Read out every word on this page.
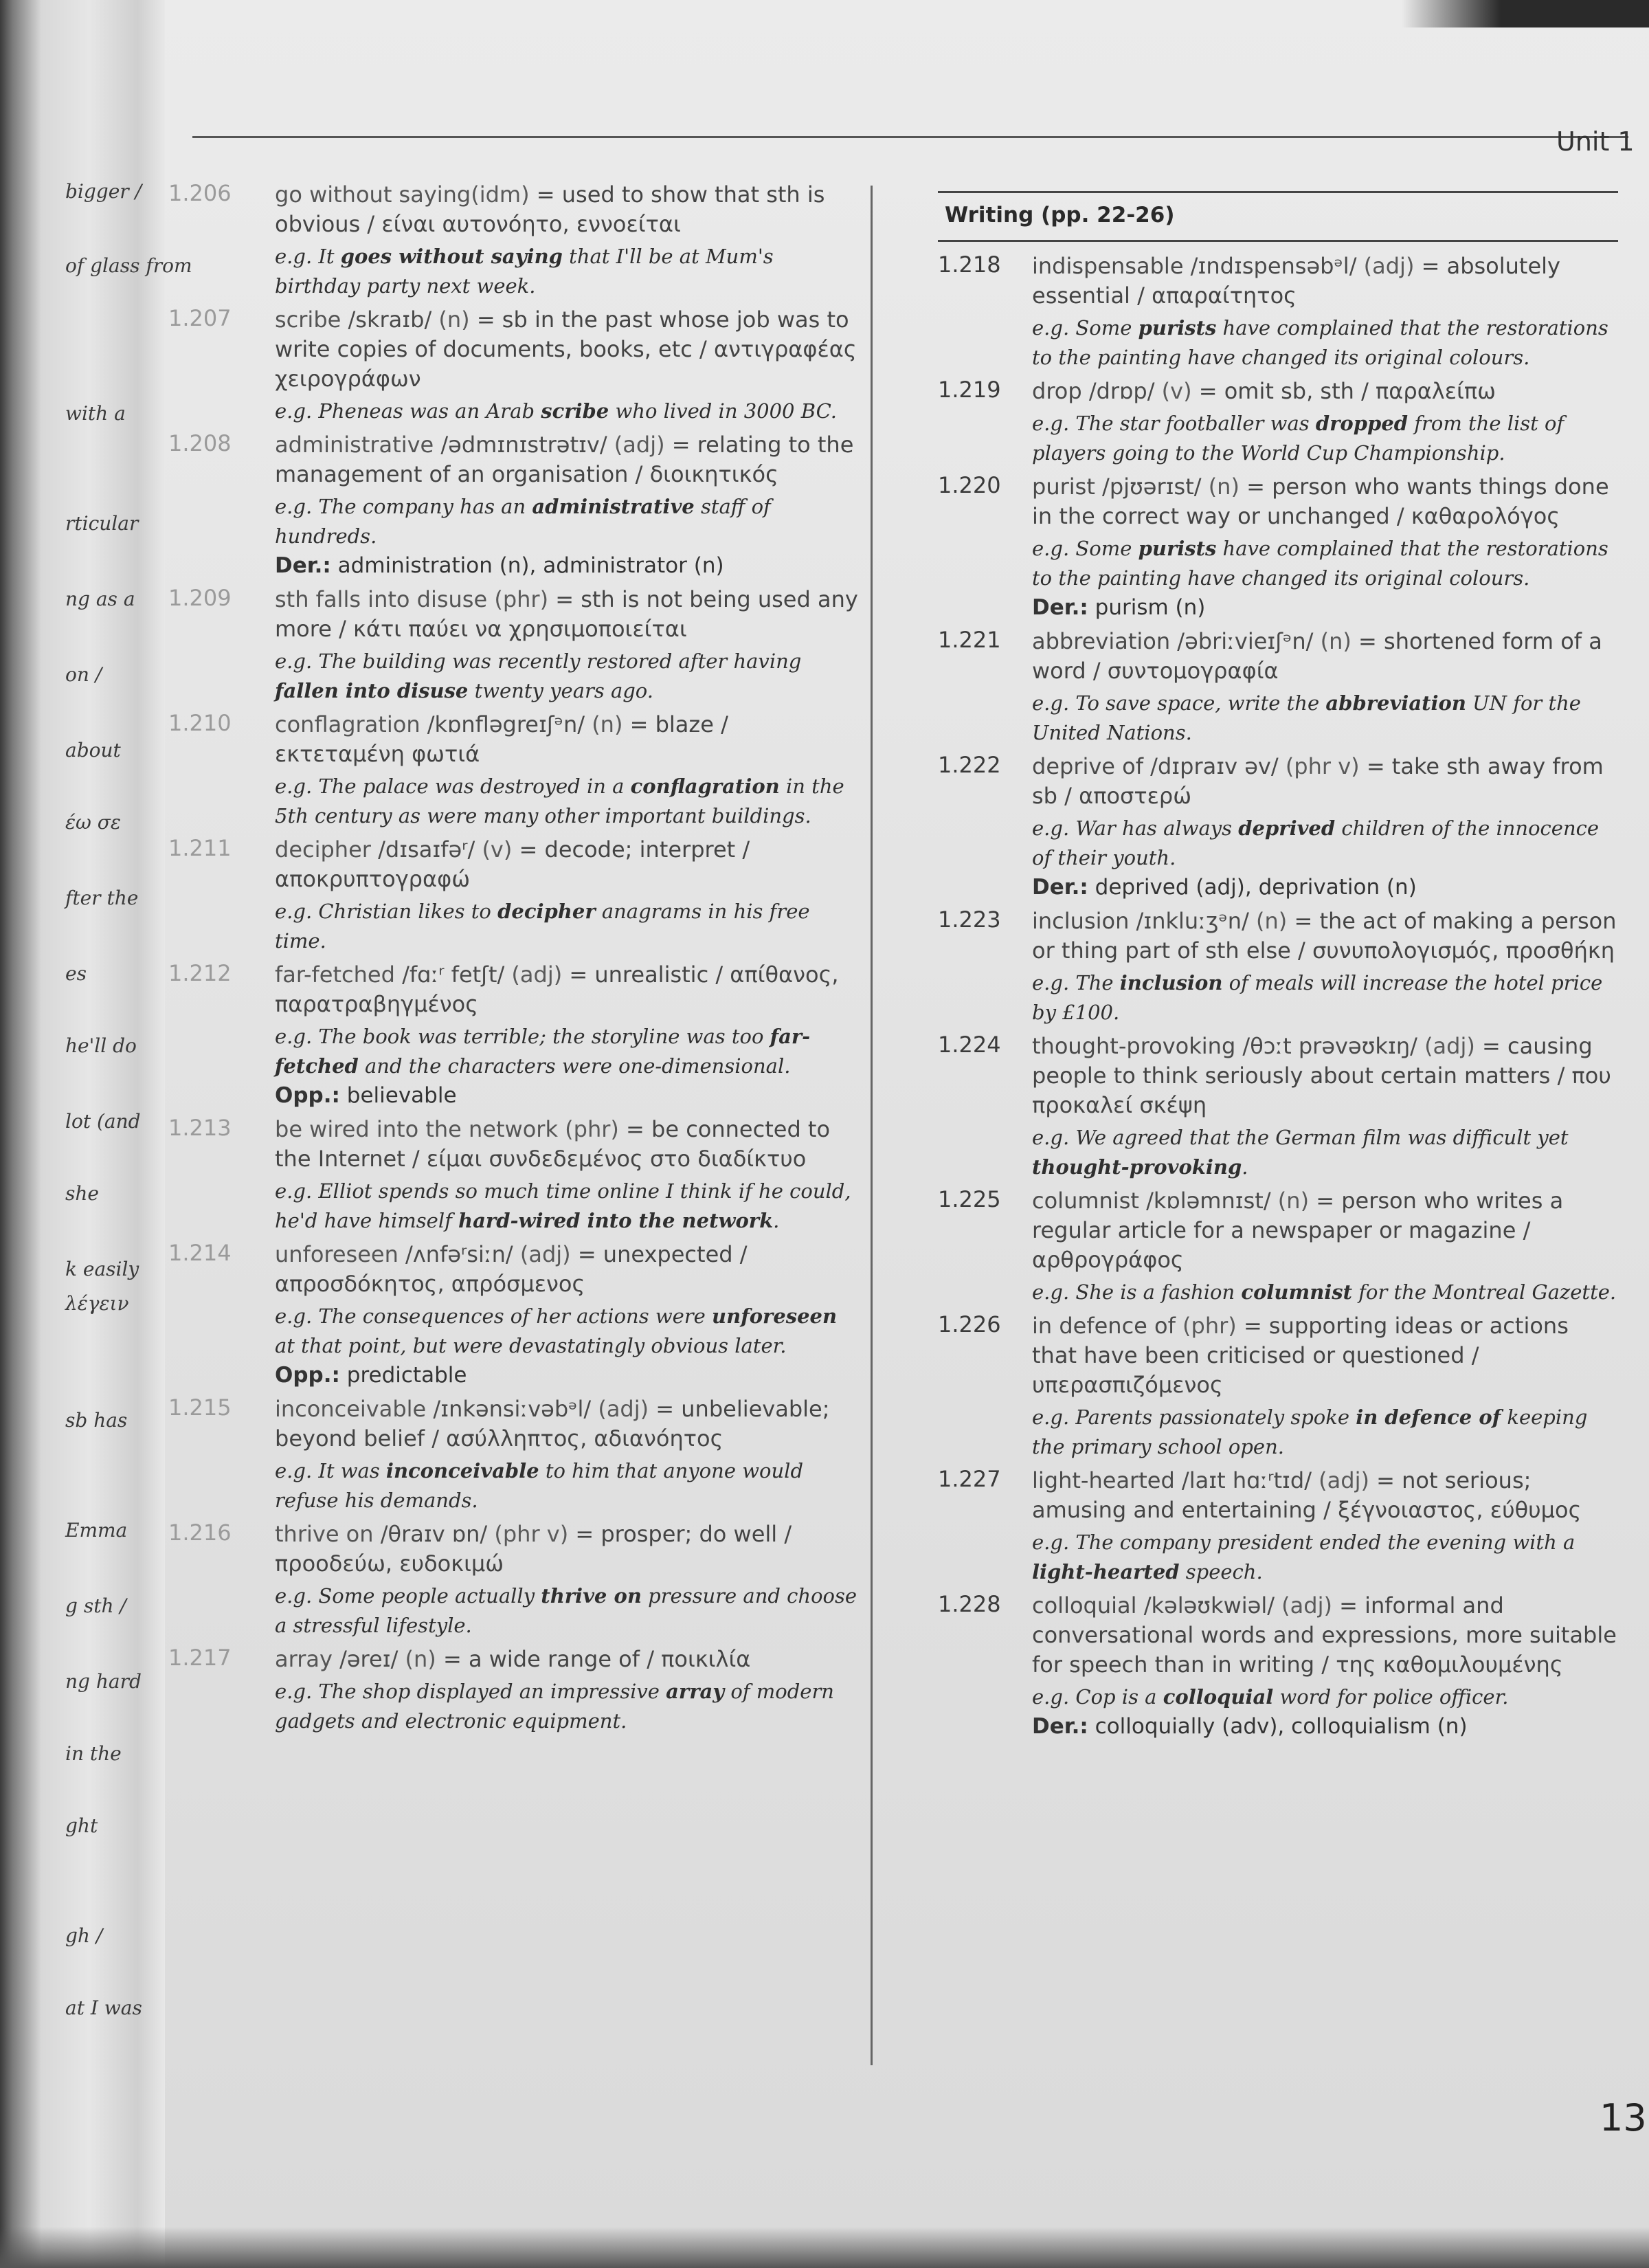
bigger /
of glass from
with a
rticular
ng as a
on /
about
έω σε
fter the
es
he'll do
lot (and
she
k easily
λέγειν
sb has
Emma
g sth /
ng hard
in the
ght
gh /
at I was
Unit 1
1.206 go without saying(idm) = used to show that sth is obvious / είναι αυτονόητο, εννοείται
e.g. It goes without saying that I'll be at Mum's birthday party next week.
1.207 scribe /skraɪb/ (n) = sb in the past whose job was to write copies of documents, books, etc / αντιγραφέας χειρογράφων
e.g. Pheneas was an Arab scribe who lived in 3000 BC.
1.208 administrative /ədmɪnɪstrətɪv/ (adj) = relating to the management of an organisation / διοικητικός
e.g. The company has an administrative staff of hundreds.
Der.: administration (n), administrator (n)
1.209 sth falls into disuse (phr) = sth is not being used any more / κάτι παύει να χρησιμοποιείται
e.g. The building was recently restored after having fallen into disuse twenty years ago.
1.210 conflagration /kɒnfləgreɪʃᵊn/ (n) = blaze / εκτεταμένη φωτιά
e.g. The palace was destroyed in a conflagration in the 5th century as were many other important buildings.
1.211 decipher /dɪsaɪfəʳ/ (v) = decode; interpret / αποκρυπτογραφώ
e.g. Christian likes to decipher anagrams in his free time.
1.212 far-fetched /fɑːʳ fetʃt/ (adj) = unrealistic / απίθανος, παρατραβηγμένος
e.g. The book was terrible; the storyline was too far-fetched and the characters were one-dimensional.
Opp.: believable
1.213 be wired into the network (phr) = be connected to the Internet / είμαι συνδεδεμένος στο διαδίκτυο
e.g. Elliot spends so much time online I think if he could, he'd have himself hard-wired into the network.
1.214 unforeseen /ʌnfəʳsiːn/ (adj) = unexpected / απροσδόκητος, απρόσμενος
e.g. The consequences of her actions were unforeseen at that point, but were devastatingly obvious later.
Opp.: predictable
1.215 inconceivable /ɪnkənsiːvəbᵊl/ (adj) = unbelievable; beyond belief / ασύλληπτος, αδιανόητος
e.g. It was inconceivable to him that anyone would refuse his demands.
1.216 thrive on /θraɪv ɒn/ (phr v) = prosper; do well / προοδεύω, ευδοκιμώ
e.g. Some people actually thrive on pressure and choose a stressful lifestyle.
1.217 array /əreɪ/ (n) = a wide range of / ποικιλία
e.g. The shop displayed an impressive array of modern gadgets and electronic equipment.
Writing (pp. 22-26)
1.218 indispensable /ɪndɪspensəbᵊl/ (adj) = absolutely essential / απαραίτητος
e.g. Some purists have complained that the restorations to the painting have changed its original colours.
1.219 drop /drɒp/ (v) = omit sb, sth / παραλείπω
e.g. The star footballer was dropped from the list of players going to the World Cup Championship.
1.220 purist /pjʊərɪst/ (n) = person who wants things done in the correct way or unchanged / καθαρολόγος
e.g. Some purists have complained that the restorations to the painting have changed its original colours.
Der.: purism (n)
1.221 abbreviation /əbriːvieɪʃᵊn/ (n) = shortened form of a word / συντομογραφία
e.g. To save space, write the abbreviation UN for the United Nations.
1.222 deprive of /dɪpraɪv əv/ (phr v) = take sth away from sb / αποστερώ
e.g. War has always deprived children of the innocence of their youth.
Der.: deprived (adj), deprivation (n)
1.223 inclusion /ɪnkluːʒᵊn/ (n) = the act of making a person or thing part of sth else / συνυπολογισμός, προσθήκη
e.g. The inclusion of meals will increase the hotel price by £100.
1.224 thought-provoking /θɔːt prəvəʊkɪŋ/ (adj) = causing people to think seriously about certain matters / που προκαλεί σκέψη
e.g. We agreed that the German film was difficult yet thought-provoking.
1.225 columnist /kɒləmnɪst/ (n) = person who writes a regular article for a newspaper or magazine / αρθρογράφος
e.g. She is a fashion columnist for the Montreal Gazette.
1.226 in defence of (phr) = supporting ideas or actions that have been criticised or questioned / υπερασπιζόμενος
e.g. Parents passionately spoke in defence of keeping the primary school open.
1.227 light-hearted /laɪt hɑːʳtɪd/ (adj) = not serious; amusing and entertaining / ξέγνοιαστος, εύθυμος
e.g. The company president ended the evening with a light-hearted speech.
1.228 colloquial /kələʊkwiəl/ (adj) = informal and conversational words and expressions, more suitable for speech than in writing / της καθομιλουμένης
e.g. Cop is a colloquial word for police officer.
Der.: colloquially (adv), colloquialism (n)
13
